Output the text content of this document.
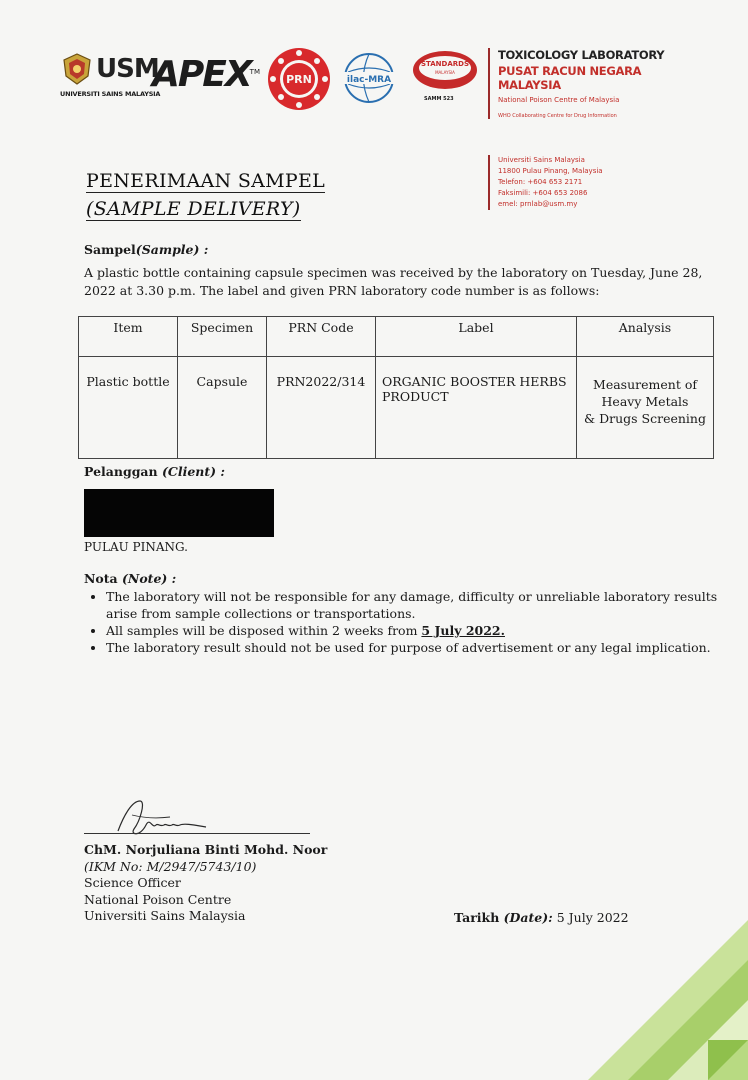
USM
UNIVERSITI SAINS MALAYSIA
APEX TM
PRN	ilac-MRA
STANDARDS
MALAYSIA
SAMM 523
TOXICOLOGY LABORATORY
PUSAT RACUN NEGARA MALAYSIA
National Poison Centre of Malaysia
WHO Collaborating Centre for Drug Information
Universiti Sains Malaysia
11800 Pulau Pinang, Malaysia
Telefon: +604 653 2171
Faksimili: +604 653 2086
emel: prnlab@usm.my
PENERIMAAN SAMPEL
(SAMPLE DELIVERY)
Sampel(Sample) :
A plastic bottle containing capsule specimen was received by the laboratory on Tuesday, June 28, 2022 at 3.30 p.m. The label and given PRN laboratory code number is as follows:
Item	Specimen	PRN Code	Label	Analysis
Plastic bottle	Capsule	PRN2022/314	ORGANIC BOOSTER HERBS PRODUCT	Measurement of
Heavy Metals
& Drugs Screening
Pelanggan (Client) :
PULAU PINANG.
Nota (Note) :
• The laboratory will not be responsible for any damage, difficulty or unreliable laboratory results arise from sample collections or transportations.
• All samples will be disposed within 2 weeks from 5 July 2022.
• The laboratory result should not be used for purpose of advertisement or any legal implication.
ChM. Norjuliana Binti Mohd. Noor
(IKM No: M/2947/5743/10)
Science Officer
National Poison Centre
Universiti Sains Malaysia	Tarikh (Date): 5 July 2022
